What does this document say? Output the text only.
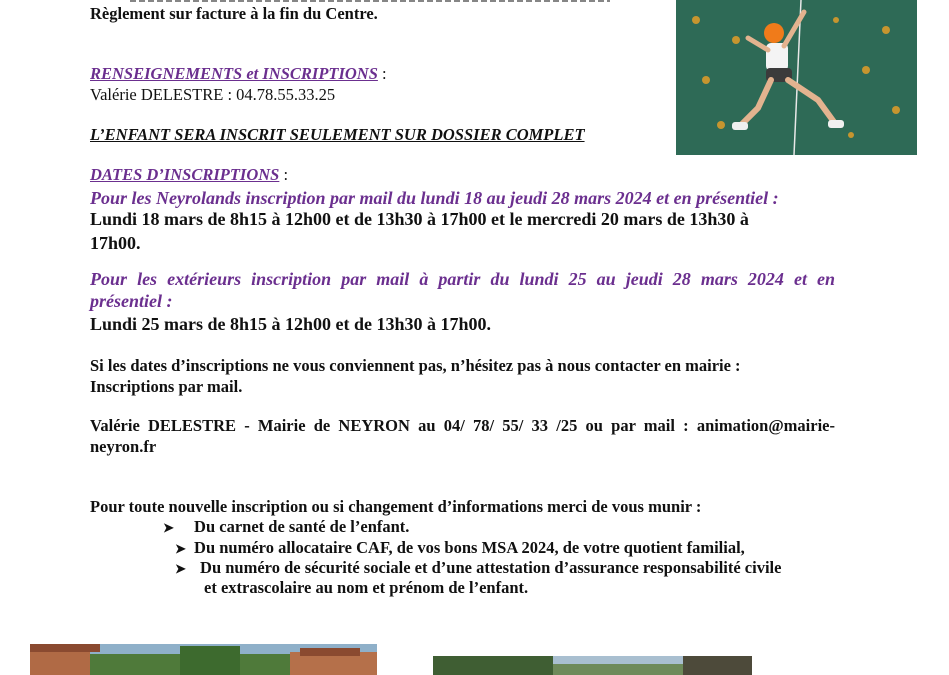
Règlement sur facture à la fin du Centre.
RENSEIGNEMENTS et INSCRIPTIONS :
Valérie DELESTRE : 04.78.55.33.25
L’ENFANT SERA INSCRIT SEULEMENT SUR DOSSIER COMPLET
DATES D’INSCRIPTIONS :
Pour les Neyrolands inscription par mail du lundi 18 au jeudi 28 mars 2024 et en présentiel :
Lundi 18 mars de 8h15 à 12h00 et de 13h30 à 17h00 et le mercredi 20 mars de 13h30 à
17h00.
Pour les extérieurs inscription par mail à partir du lundi 25 au jeudi 28 mars 2024 et en
présentiel :
Lundi 25 mars de 8h15 à 12h00 et de 13h30 à 17h00.
Si les dates d’inscriptions ne vous conviennent pas, n’hésitez pas à nous contacter en mairie :
Inscriptions par mail.
Valérie DELESTRE - Mairie de NEYRON au 04/ 78/ 55/ 33 /25 ou par mail : animation@mairie-
neyron.fr
Pour toute nouvelle inscription ou si changement d’informations merci de vous munir :
➤ Du carnet de santé de l’enfant.
➤ Du numéro allocataire CAF, de vos bons MSA 2024, de votre quotient familial,
➤ Du numéro de sécurité sociale et d’une attestation d’assurance responsabilité civile
et extrascolaire au nom et prénom de l’enfant.
